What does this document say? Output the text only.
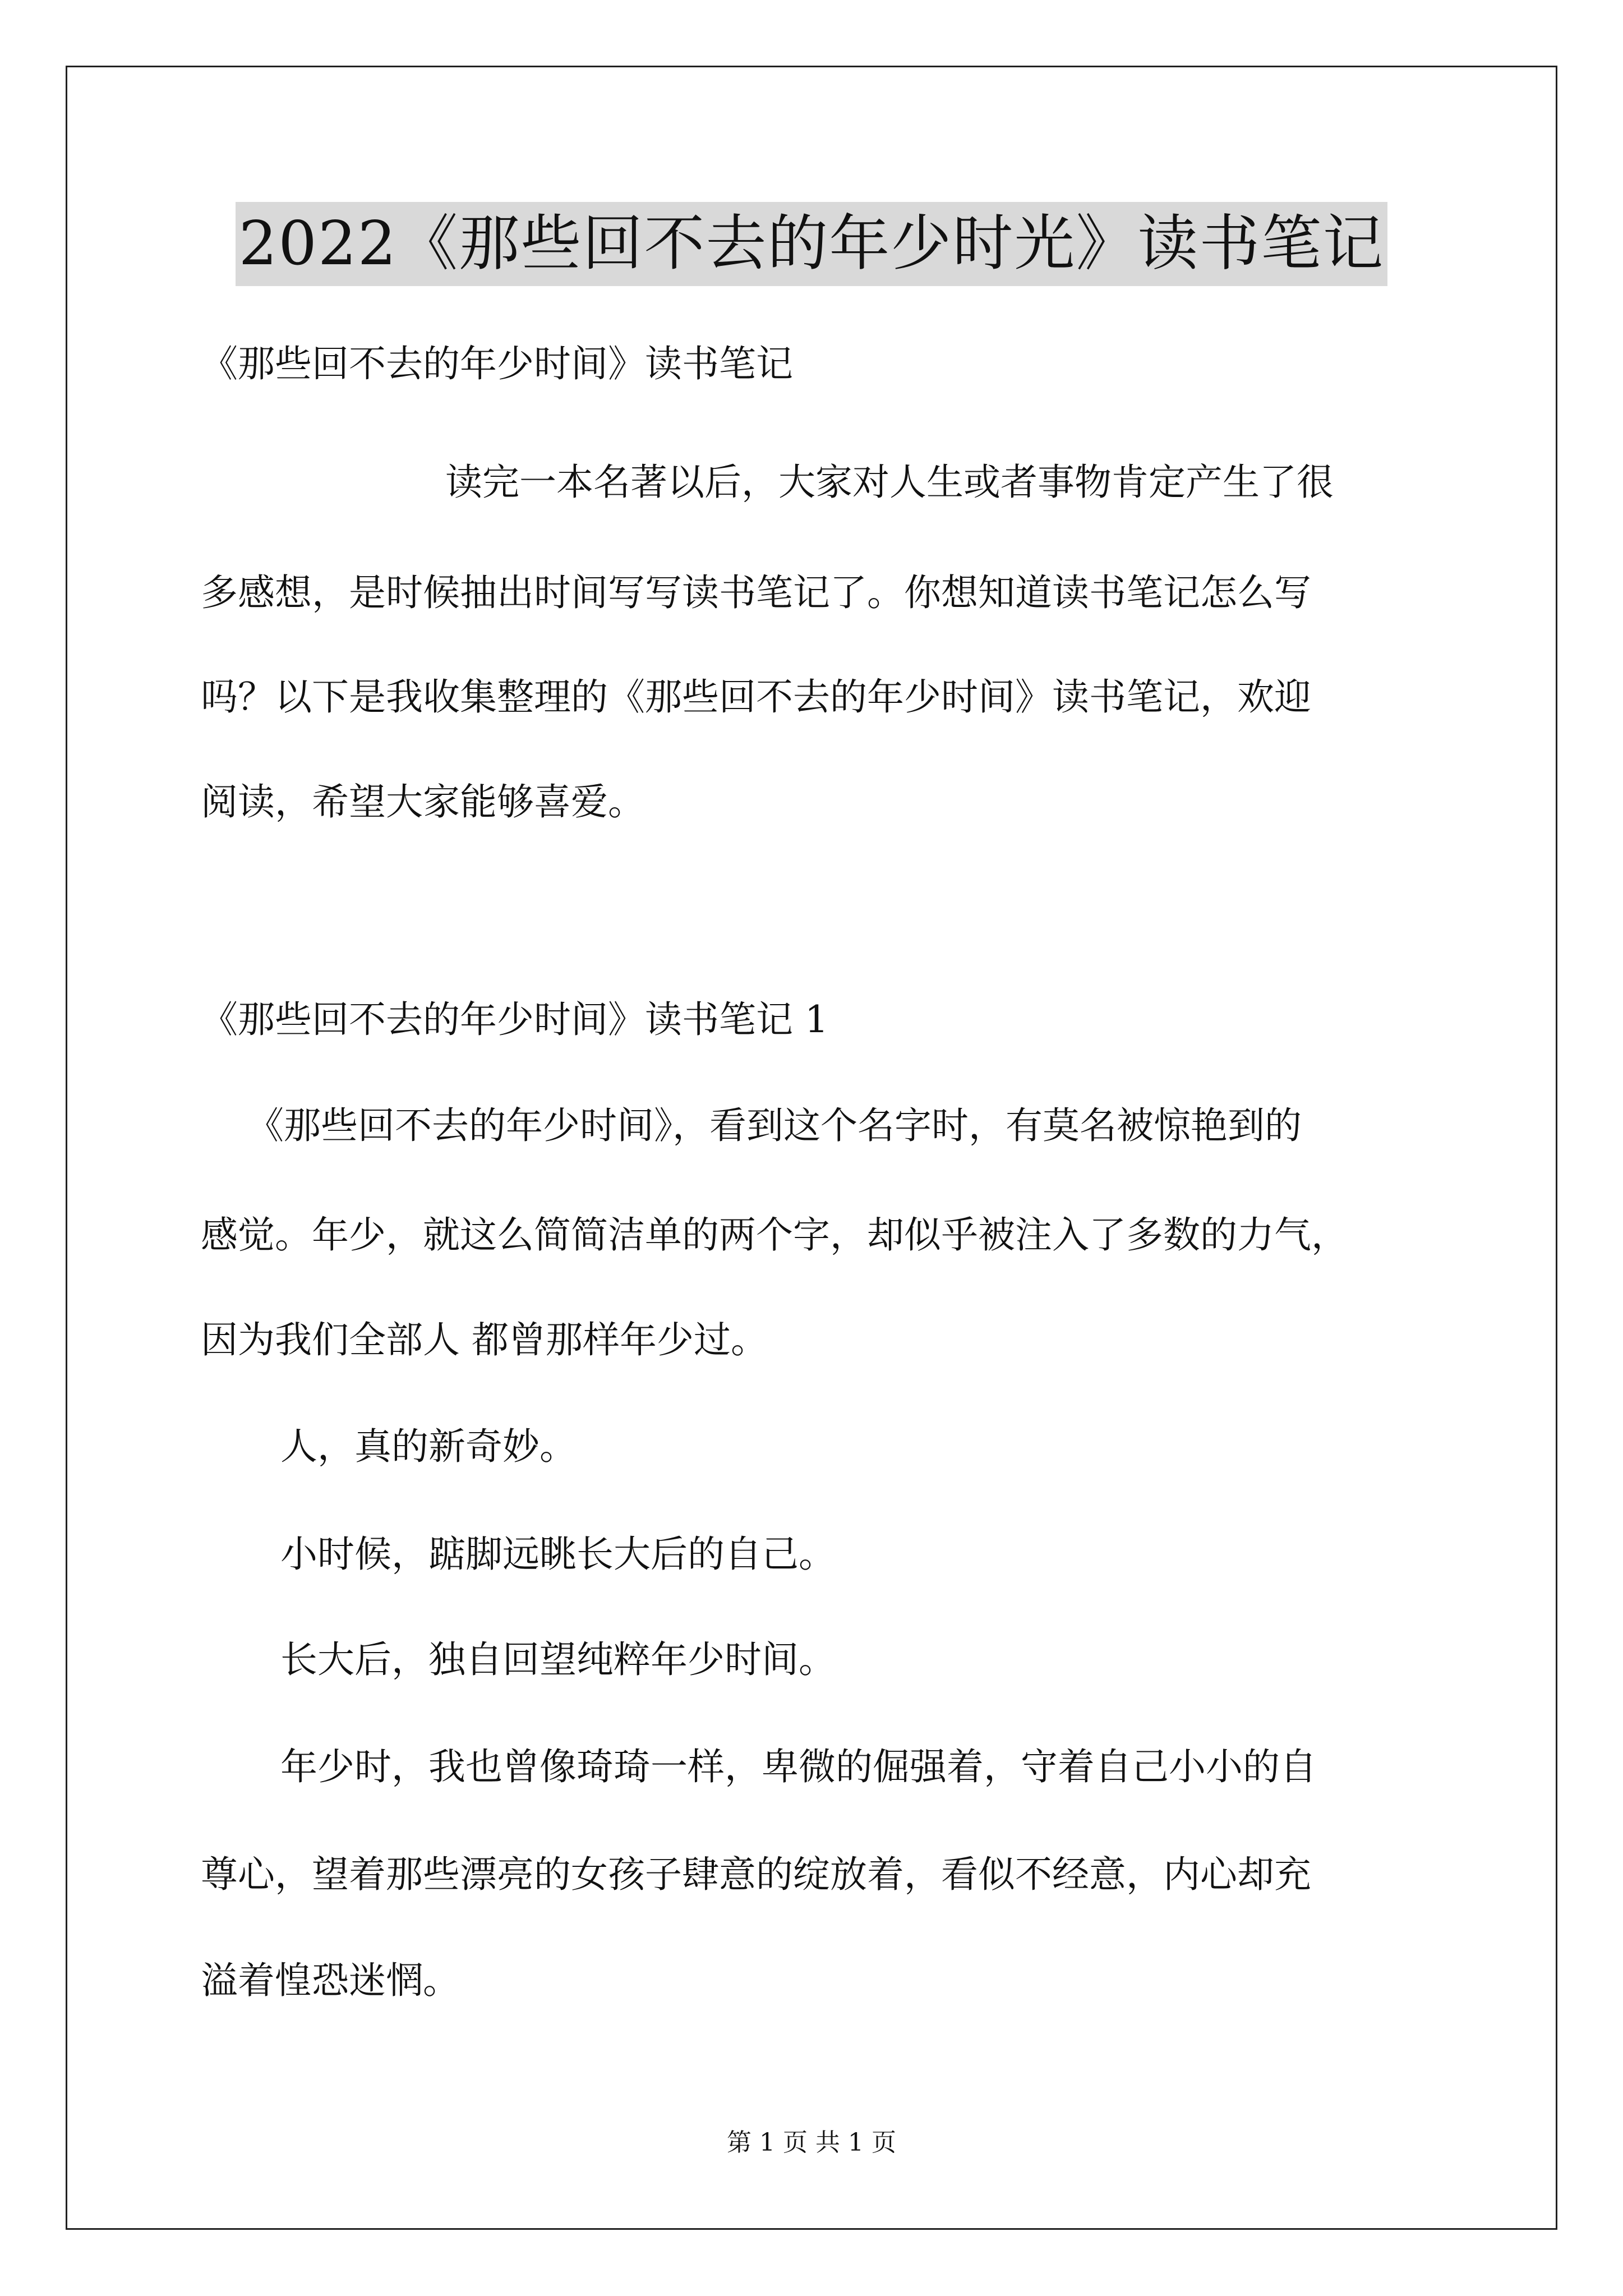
2022《那些回不去的年少时光》读书笔记
《那些回不去的年少时间》读书笔记
读完一本名著以后，大家对人生或者事物肯定产生了很
多感想，是时候抽出时间写写读书笔记了。你想知道读书笔记怎么写
吗？以下是我收集整理的《那些回不去的年少时间》读书笔记，欢迎
阅读，希望大家能够喜爱。
《那些回不去的年少时间》读书笔记 1
《那些回不去的年少时间》，看到这个名字时，有莫名被惊艳到的
感觉。年少，就这么简简洁单的两个字，却似乎被注入了多数的力气，
因为我们全部人 都曾那样年少过。
人，真的新奇妙。
小时候，踮脚远眺长大后的自己。
长大后，独自回望纯粹年少时间。
年少时，我也曾像琦琦一样，卑微的倔强着，守着自己小小的自
尊心，望着那些漂亮的女孩子肆意的绽放着，看似不经意，内心却充
溢着惶恐迷惘。
第 1 页 共 1 页
